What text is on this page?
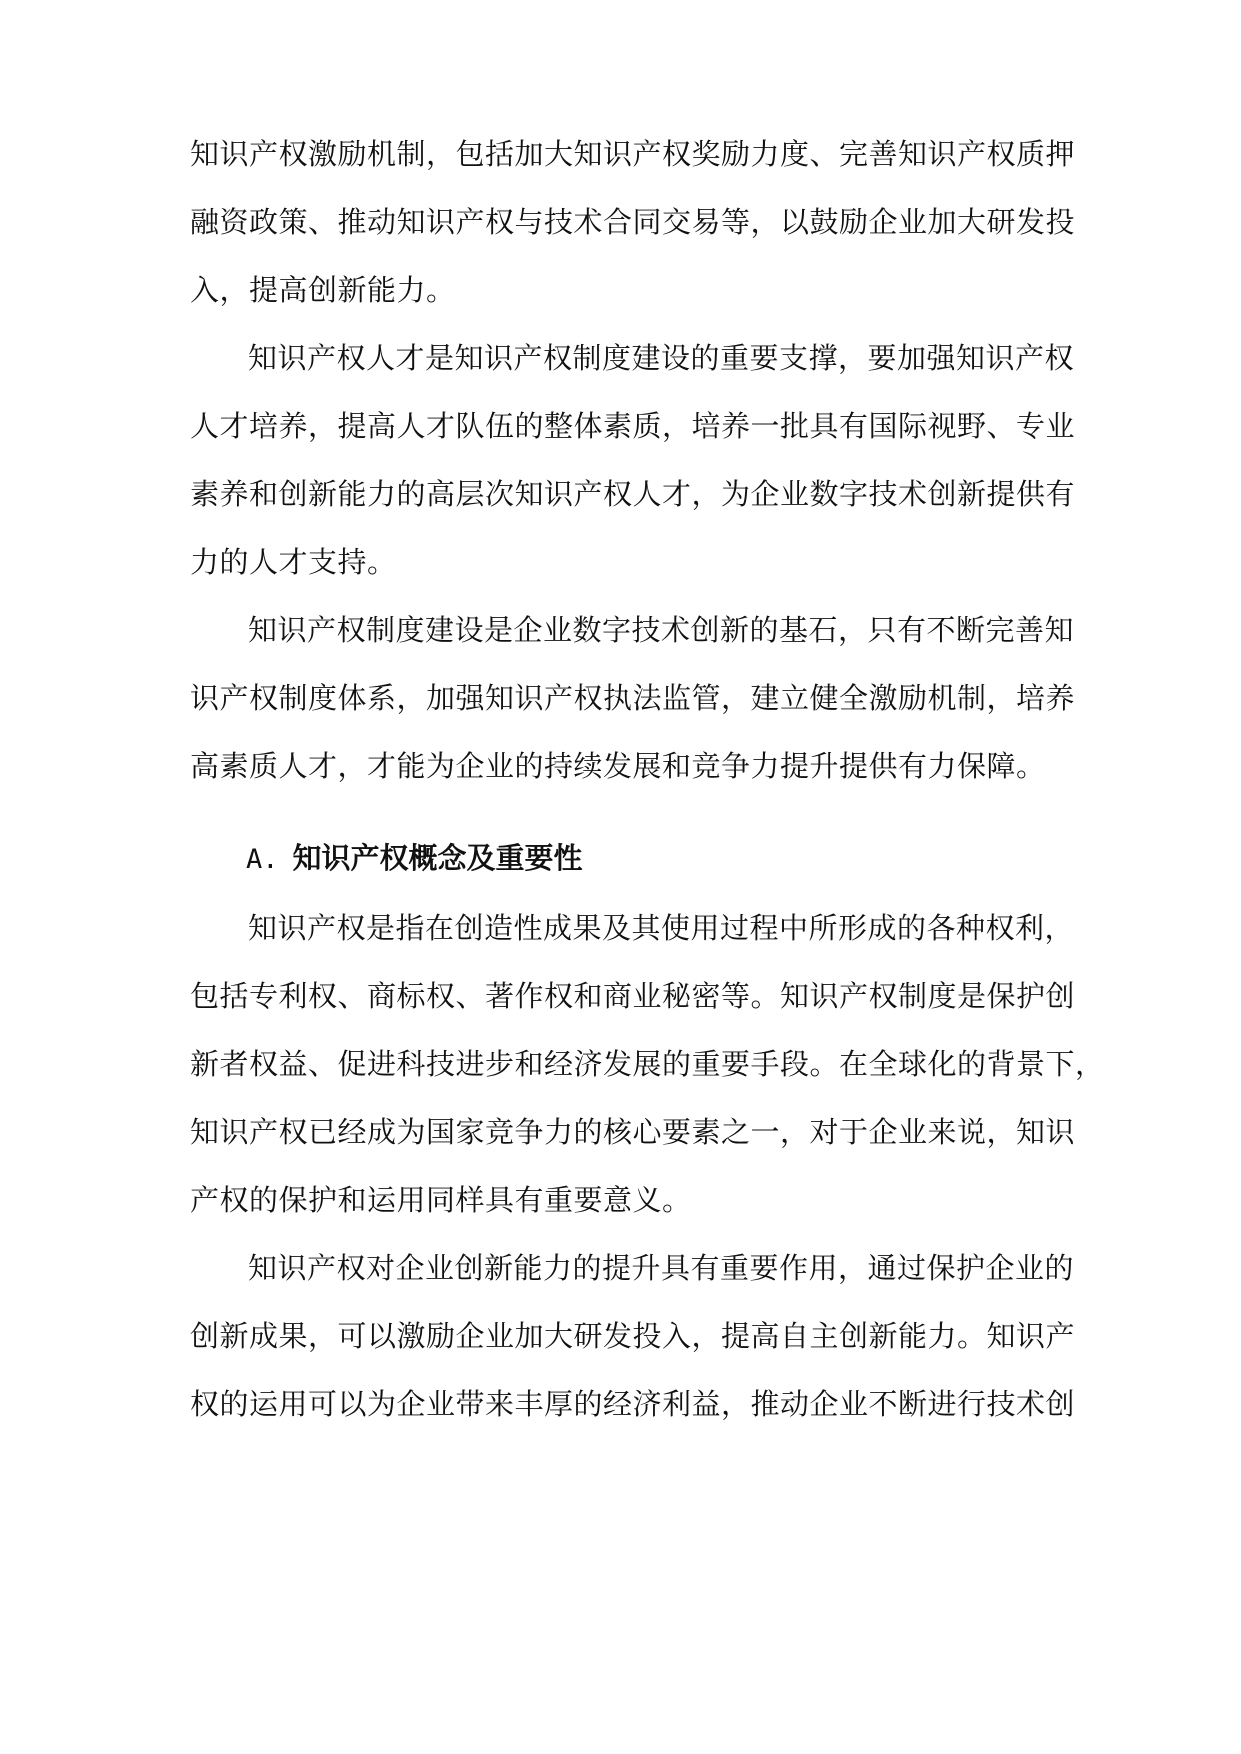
知识产权激励机制，包括加大知识产权奖励力度、完善知识产权质押
融资政策、推动知识产权与技术合同交易等，以鼓励企业加大研发投
入，提高创新能力。
知识产权人才是知识产权制度建设的重要支撑，要加强知识产权
人才培养，提高人才队伍的整体素质，培养一批具有国际视野、专业
素养和创新能力的高层次知识产权人才，为企业数字技术创新提供有
力的人才支持。
知识产权制度建设是企业数字技术创新的基石，只有不断完善知
识产权制度体系，加强知识产权执法监管，建立健全激励机制，培养
高素质人才，才能为企业的持续发展和竞争力提升提供有力保障。
A. 知识产权概念及重要性
知识产权是指在创造性成果及其使用过程中所形成的各种权利，
包括专利权、商标权、著作权和商业秘密等。知识产权制度是保护创
新者权益、促进科技进步和经济发展的重要手段。在全球化的背景下，
知识产权已经成为国家竞争力的核心要素之一，对于企业来说，知识
产权的保护和运用同样具有重要意义。
知识产权对企业创新能力的提升具有重要作用，通过保护企业的
创新成果，可以激励企业加大研发投入，提高自主创新能力。知识产
权的运用可以为企业带来丰厚的经济利益，推动企业不断进行技术创
